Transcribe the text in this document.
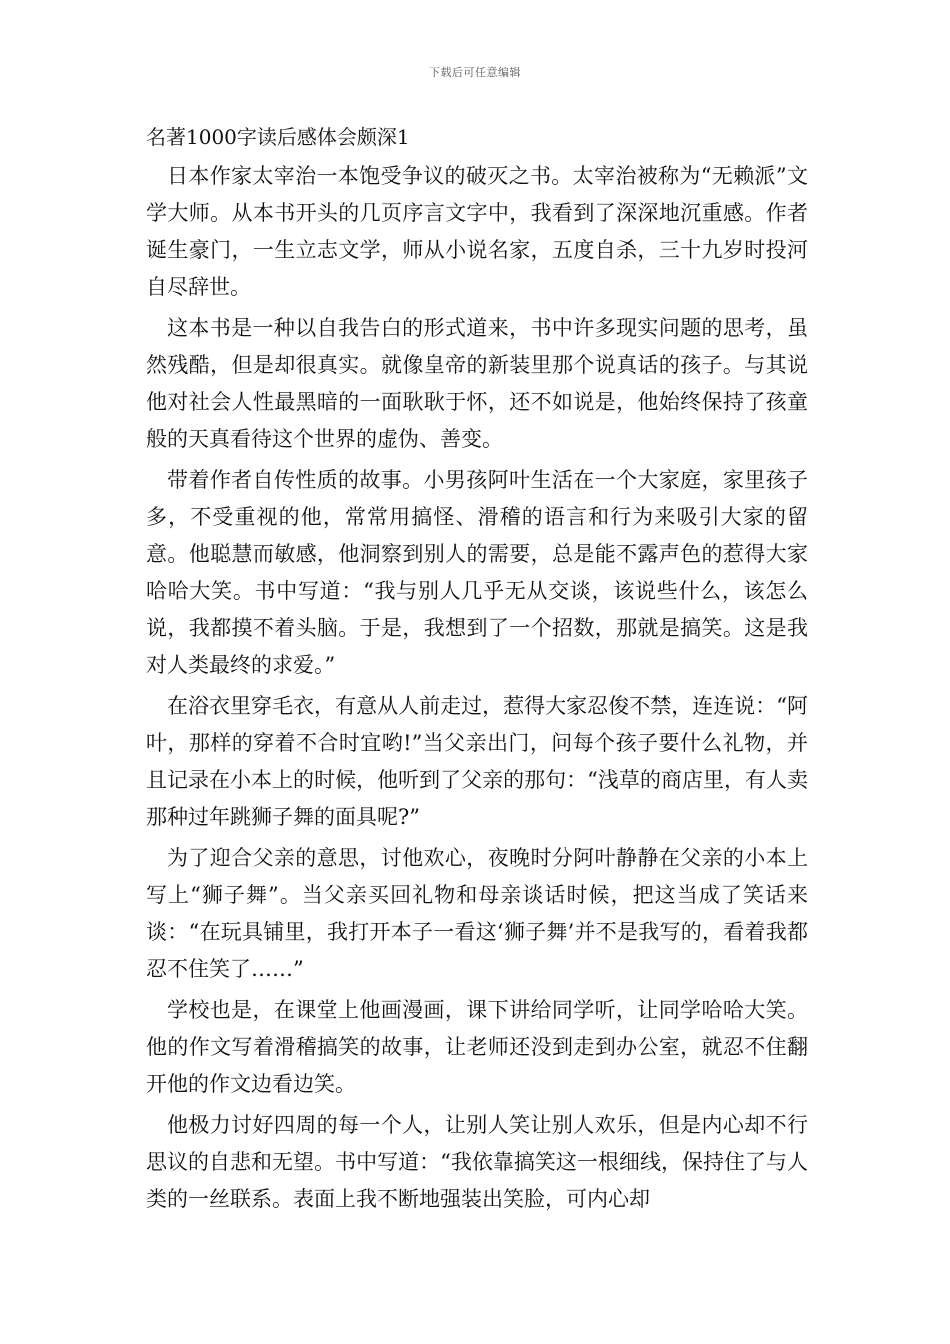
下载后可任意编辑
名著1000字读后感体会颇深1

日本作家太宰治一本饱受争议的破灭之书。太宰治被称为“无赖派”文学大师。从本书开头的几页序言文字中，我看到了深深地沉重感。作者诞生豪门，一生立志文学，师从小说名家，五度自杀，三十九岁时投河自尽辞世。

这本书是一种以自我告白的形式道来，书中许多现实问题的思考，虽然残酷，但是却很真实。就像皇帝的新装里那个说真话的孩子。与其说他对社会人性最黑暗的一面耿耿于怀，还不如说是，他始终保持了孩童般的天真看待这个世界的虚伪、善变。

带着作者自传性质的故事。小男孩阿叶生活在一个大家庭，家里孩子多，不受重视的他，常常用搞怪、滑稽的语言和行为来吸引大家的留意。他聪慧而敏感，他洞察到别人的需要，总是能不露声色的惹得大家哈哈大笑。书中写道：“我与别人几乎无从交谈，该说些什么，该怎么说，我都摸不着头脑。于是，我想到了一个招数，那就是搞笑。这是我对人类最终的求爱。”

在浴衣里穿毛衣，有意从人前走过，惹得大家忍俊不禁，连连说：“阿叶，那样的穿着不合时宜哟!”当父亲出门，问每个孩子要什么礼物，并且记录在小本上的时候，他听到了父亲的那句：“浅草的商店里，有人卖那种过年跳狮子舞的面具呢?”

为了迎合父亲的意思，讨他欢心，夜晚时分阿叶静静在父亲的小本上写上“狮子舞”。当父亲买回礼物和母亲谈话时候，把这当成了笑话来谈：“在玩具铺里，我打开本子一看这‘狮子舞’并不是我写的，看着我都忍不住笑了……”

学校也是，在课堂上他画漫画，课下讲给同学听，让同学哈哈大笑。他的作文写着滑稽搞笑的故事，让老师还没到走到办公室，就忍不住翻开他的作文边看边笑。

他极力讨好四周的每一个人，让别人笑让别人欢乐，但是内心却不行思议的自悲和无望。书中写道：“我依靠搞笑这一根细线，保持住了与人类的一丝联系。表面上我不断地强装出笑脸，可内心却
